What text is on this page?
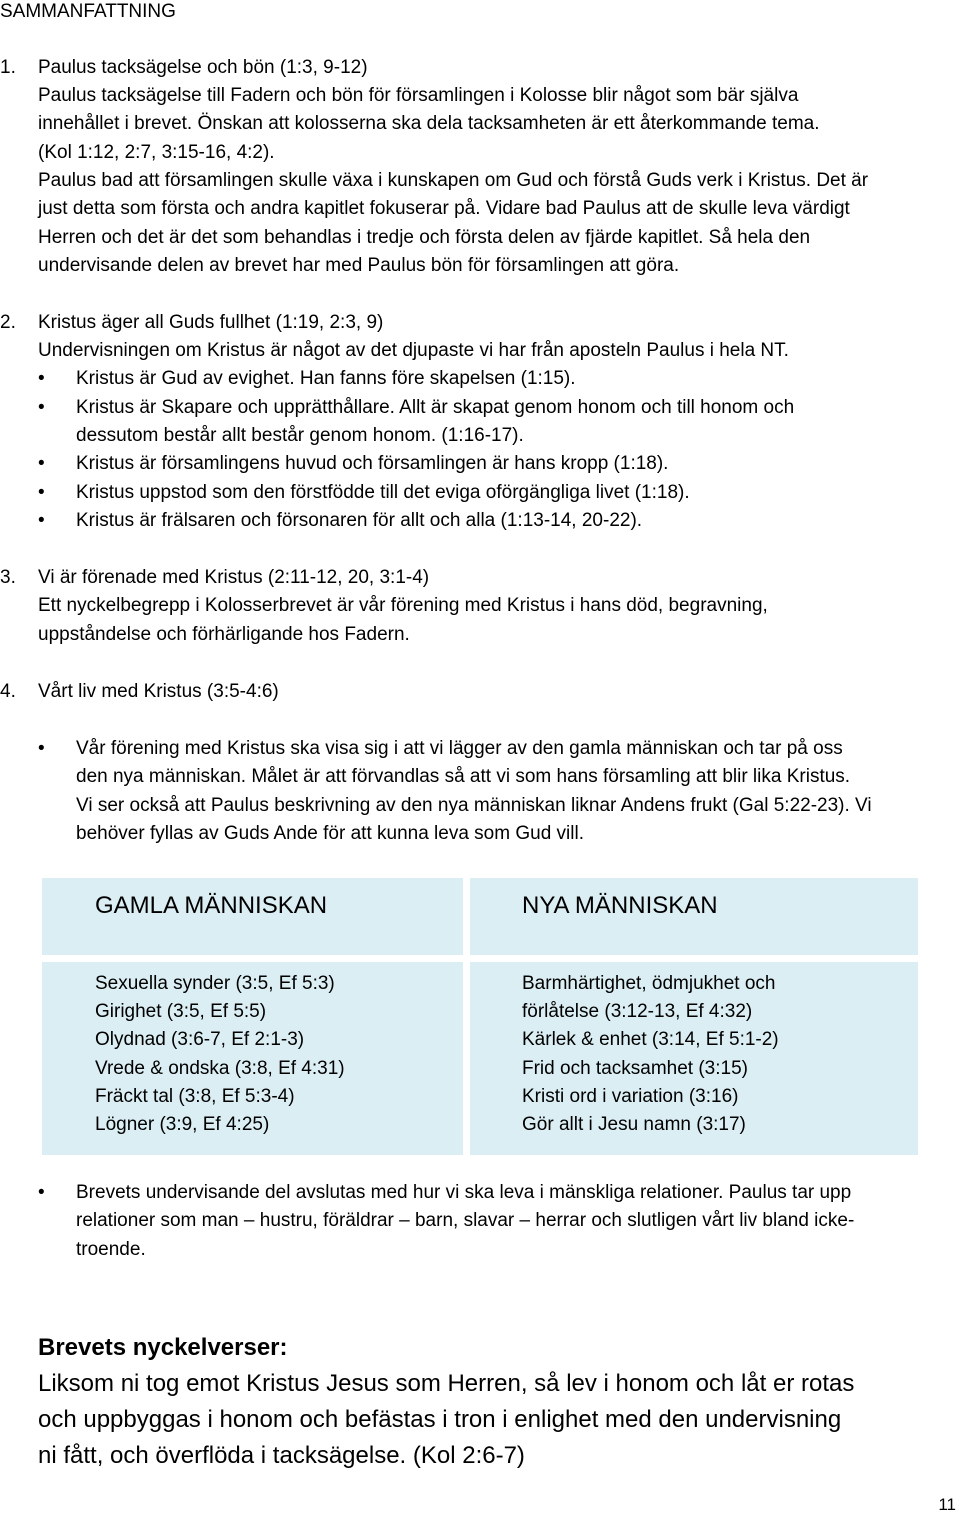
SAMMANFATTNING
1. Paulus tacksägelse och bön (1:3, 9-12)
Paulus tacksägelse till Fadern och bön för församlingen i Kolosse blir något som bär själva
innehållet i brevet. Önskan att kolosserna ska dela tacksamheten är ett återkommande tema.
(Kol 1:12, 2:7, 3:15-16, 4:2).
Paulus bad att församlingen skulle växa i kunskapen om Gud och förstå Guds verk i Kristus. Det är
just detta som första och andra kapitlet fokuserar på. Vidare bad Paulus att de skulle leva värdigt
Herren och det är det som behandlas i tredje och första delen av fjärde kapitlet. Så hela den
undervisande delen av brevet har med Paulus bön för församlingen att göra.
2. Kristus äger all Guds fullhet (1:19, 2:3, 9)
Undervisningen om Kristus är något av det djupaste vi har från aposteln Paulus i hela NT.
• Kristus är Gud av evighet. Han fanns före skapelsen (1:15).
• Kristus är Skapare och upprätthållare. Allt är skapat genom honom och till honom och
dessutom består allt består genom honom. (1:16-17).
• Kristus är församlingens huvud och församlingen är hans kropp (1:18).
• Kristus uppstod som den förstfödde till det eviga oförgängliga livet (1:18).
• Kristus är frälsaren och försonaren för allt och alla (1:13-14, 20-22).
3. Vi är förenade med Kristus (2:11-12, 20, 3:1-4)
Ett nyckelbegrepp i Kolosserbrevet är vår förening med Kristus i hans död, begravning,
uppståndelse och förhärligande hos Fadern.
4. Vårt liv med Kristus (3:5-4:6)
• Vår förening med Kristus ska visa sig i att vi lägger av den gamla människan och tar på oss
den nya människan. Målet är att förvandlas så att vi som hans församling att blir lika Kristus.
Vi ser också att Paulus beskrivning av den nya människan liknar Andens frukt (Gal 5:22-23). Vi
behöver fyllas av Guds Ande för att kunna leva som Gud vill.
GAMLA MÄNNISKAN	NYA MÄNNISKAN
Sexuella synder (3:5, Ef 5:3)
Girighet (3:5, Ef 5:5)
Olydnad (3:6-7, Ef 2:1-3)
Vrede & ondska (3:8, Ef 4:31)
Fräckt tal (3:8, Ef 5:3-4)
Lögner (3:9, Ef 4:25)
Barmhärtighet, ödmjukhet och
förlåtelse (3:12-13, Ef 4:32)
Kärlek & enhet (3:14, Ef 5:1-2)
Frid och tacksamhet (3:15)
Kristi ord i variation (3:16)
Gör allt i Jesu namn (3:17)
• Brevets undervisande del avslutas med hur vi ska leva i mänskliga relationer. Paulus tar upp
relationer som man – hustru, föräldrar – barn, slavar – herrar och slutligen vårt liv bland icke-
troende.
Brevets nyckelverser:
Liksom ni tog emot Kristus Jesus som Herren, så lev i honom och låt er rotas
och uppbyggas i honom och befästas i tron i enlighet med den undervisning
ni fått, och överflöda i tacksägelse. (Kol 2:6-7)
11
